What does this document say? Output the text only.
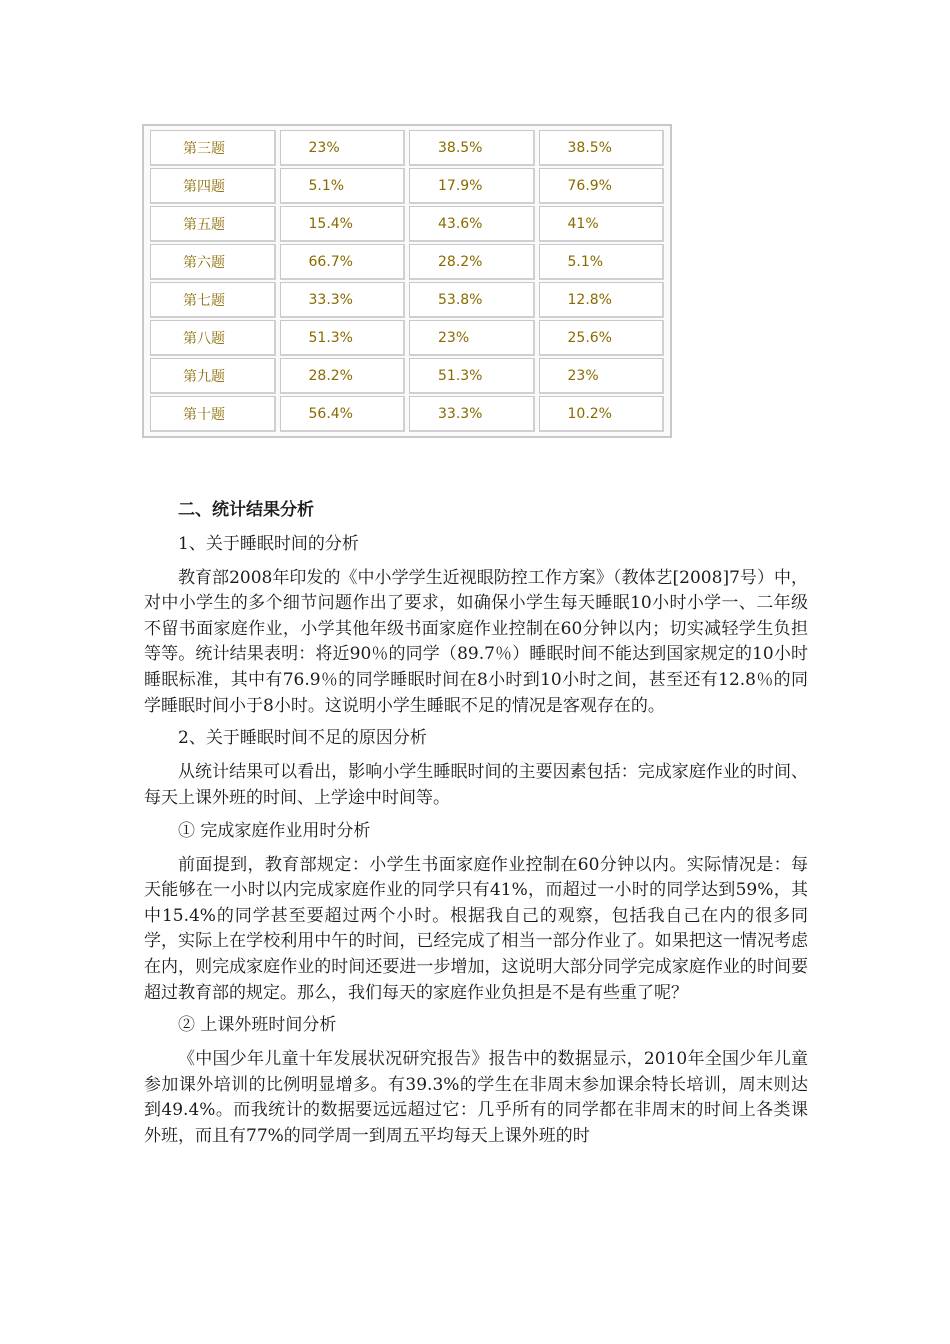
第三题	23%	38.5%	38.5%
第四题	5.1%	17.9%	76.9%
第五题	15.4%	43.6%	41%
第六题	66.7%	28.2%	5.1%
第七题	33.3%	53.8%	12.8%
第八题	51.3%	23%	25.6%
第九题	28.2%	51.3%	23%
第十题	56.4%	33.3%	10.2%

二、统计结果分析

1、关于睡眠时间的分析

教育部2008年印发的《中小学学生近视眼防控工作方案》（教体艺[2008]7号）中，对中小学生的多个细节问题作出了要求，如确保小学生每天睡眠10小时小学一、二年级不留书面家庭作业，小学其他年级书面家庭作业控制在60分钟以内；切实减轻学生负担等等。统计结果表明：将近90％的同学（89.7％）睡眠时间不能达到国家规定的10小时睡眠标准，其中有76.9％的同学睡眠时间在8小时到10小时之间，甚至还有12.8％的同学睡眠时间小于8小时。这说明小学生睡眠不足的情况是客观存在的。

2、关于睡眠时间不足的原因分析

从统计结果可以看出，影响小学生睡眠时间的主要因素包括：完成家庭作业的时间、每天上课外班的时间、上学途中时间等。

① 完成家庭作业用时分析

前面提到，教育部规定：小学生书面家庭作业控制在60分钟以内。实际情况是：每天能够在一小时以内完成家庭作业的同学只有41%，而超过一小时的同学达到59%，其中15.4%的同学甚至要超过两个小时。根据我自己的观察，包括我自己在内的很多同学，实际上在学校利用中午的时间，已经完成了相当一部分作业了。如果把这一情况考虑在内，则完成家庭作业的时间还要进一步增加，这说明大部分同学完成家庭作业的时间要超过教育部的规定。那么，我们每天的家庭作业负担是不是有些重了呢？

② 上课外班时间分析

《中国少年儿童十年发展状况研究报告》报告中的数据显示，2010年全国少年儿童参加课外培训的比例明显增多。有39.3%的学生在非周末参加课余特长培训，周末则达到49.4%。而我统计的数据要远远超过它：几乎所有的同学都在非周末的时间上各类课外班，而且有77%的同学周一到周五平均每天上课外班的时
